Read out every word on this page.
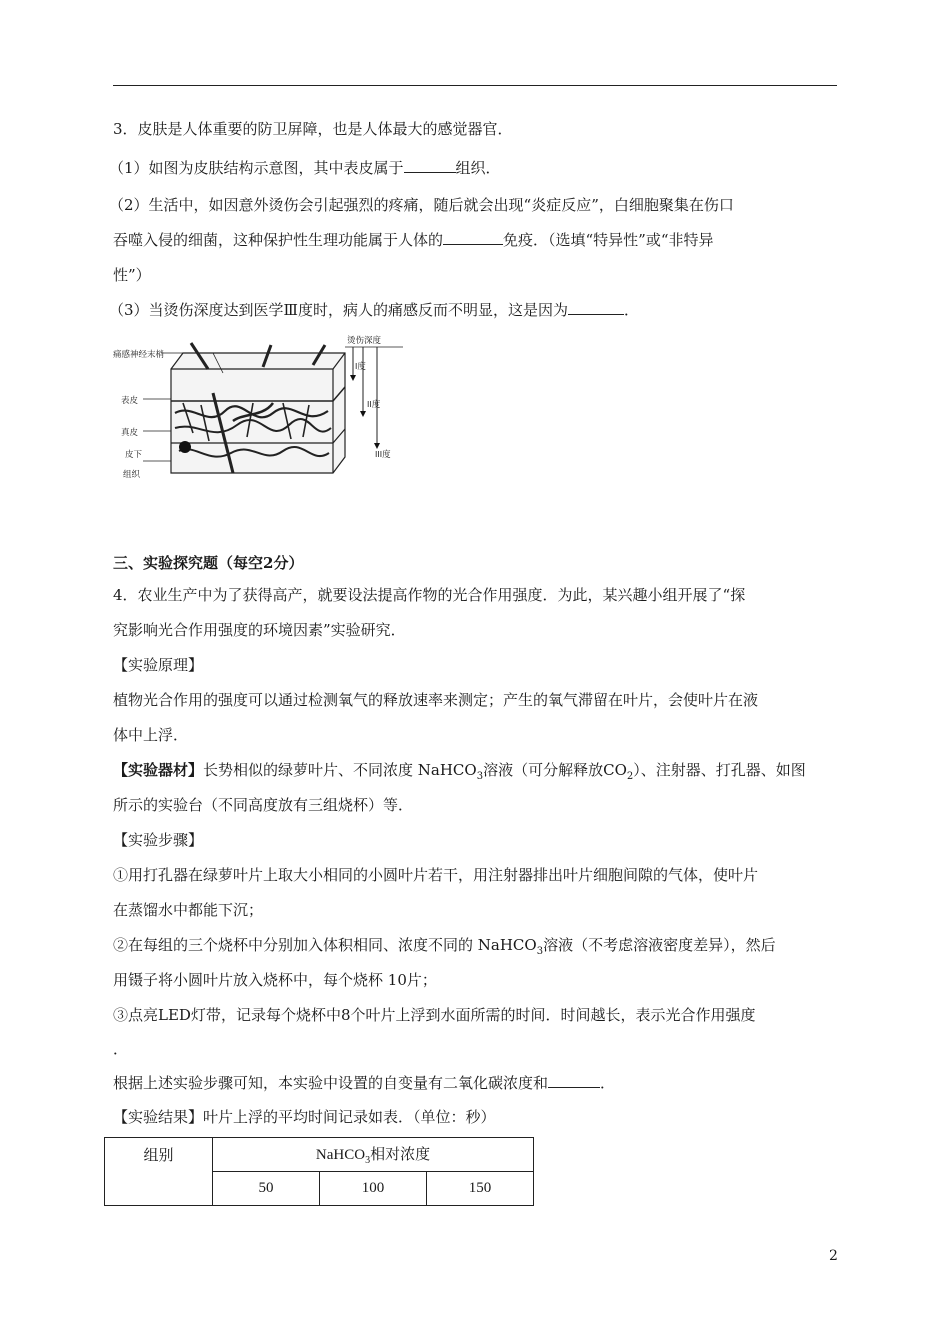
3．皮肤是人体重要的防卫屏障，也是人体最大的感觉器官．

（1）如图为皮肤结构示意图，其中表皮属于	组织．

（2）生活中，如因意外烫伤会引起强烈的疼痛，随后就会出现“炎症反应”，白细胞聚集在伤口

吞噬入侵的细菌，这种保护性生理功能属于人体的	免疫．（选填“特异性”或“非特异

性”）

（3）当烫伤深度达到医学Ⅲ度时，病人的痛感反而不明显，这是因为	．

痛感神经末梢
表皮
真皮
皮下
组织
烫伤深度
I度
II度
III度

三、实验探究题（每空2分）

4．农业生产中为了获得高产，就要设法提高作物的光合作用强度．为此，某兴趣小组开展了“探

究影响光合作用强度的环境因素”实验研究．

【实验原理】

植物光合作用的强度可以通过检测氧气的释放速率来测定；产生的氧气滞留在叶片，会使叶片在液

体中上浮．

【实验器材】长势相似的绿萝叶片、不同浓度 NaHCO$_3$溶液（可分解释放$CO_2$）、注射器、打孔器、如图

所示的实验台（不同高度放有三组烧杯）等．

【实验步骤】

①用打孔器在绿萝叶片上取大小相同的小圆叶片若干，用注射器排出叶片细胞间隙的气体，使叶片

在蒸馏水中都能下沉；

②在每组的三个烧杯中分别加入体积相同、浓度不同的 NaHCO$_3$溶液（不考虑溶液密度差异），然后

用镊子将小圆叶片放入烧杯中，每个烧杯 10片；

③点亮LED灯带，记录每个烧杯中8个叶片上浮到水面所需的时间．时间越长，表示光合作用强度

．

根据上述实验步骤可知，本实验中设置的自变量有二氧化碳浓度和	．

【实验结果】叶片上浮的平均时间记录如表．（单位：秒）

组别	NaHCO$_3$相对浓度		
	50	100	150
2
